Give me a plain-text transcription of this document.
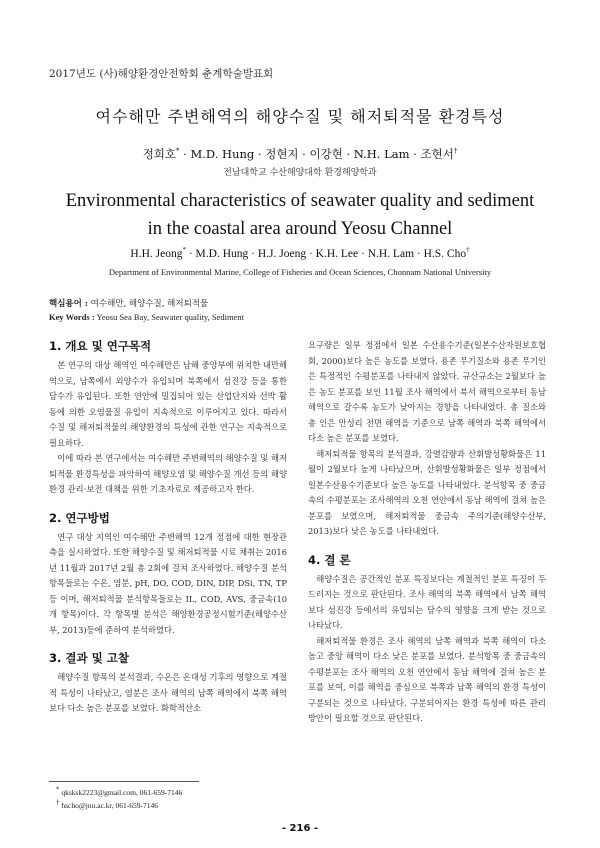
2017년도 (사)해양환경안전학회 춘계학술발표회
여수해만 주변해역의 해양수질 및 해저퇴적물 환경특성
정희호* · M.D. Hung · 정현지 · 이강현 · N.H. Lam · 조현서†
전남대학교 수산해양대학 환경해양학과
Environmental characteristics of seawater quality and sediment
in the coastal area around Yeosu Channel
H.H. Jeong* · M.D. Hung · H.J. Joeng · K.H. Lee · N.H. Lam · H.S. Cho†
Department of Environmental Marine, College of Fisheries and Ocean Sciences, Chonnam National University
핵심용어 : 여수해만, 해양수질, 해저퇴적물
Key Words : Yeosu Sea Bay, Seawater quality, Sediment
1. 개요 및 연구목적

본 연구의 대상 해역인 여수해만은 남해 중앙부에 위치한 내만해역으로, 남쪽에서 외양수가 유입되며 북쪽에서 섬진강 등을 통한 담수가 유입된다. 또한 연안에 밀집되어 있는 산업단지와 선박 활동에 의한 오염물질 유입이 지속적으로 이루어지고 있다. 따라서 수질 및 해저퇴적물의 해양환경의 특성에 관한 연구는 지속적으로 필요하다.

이에 따라 본 연구에서는 여수해만 주변해역의 해양수질 및 해저퇴적물 환경특성을 파악하여 해양오염 및 해양수질 개선 등의 해양환경 관리·보전 대책을 위한 기초자료로 제공하고자 한다.

2. 연구방법

연구 대상 지역인 여수해만 주변해역 12개 정점에 대한 현장관측을 실시하였다. 또한 해양수질 및 해저퇴적물 시료 채취는 2016년 11월과 2017년 2월 총 2회에 걸쳐 조사하였다. 해양수질 분석항목들로는 수온, 염분, pH, DO, COD, DIN, DIP, DSi, TN, TP 등 이며, 해저퇴적물 분석항목들로는 IL, COD, AVS, 중금속(10개 항목)이다. 각 항목별 분석은 해양환경공정시험기준(해양수산부, 2013)등에 준하여 분석하였다.

3. 결과 및 고찰

해양수질 항목의 분석결과, 수온은 온대성 기후의 영향으로 계절적 특성이 나타났고, 염분은 조사 해역의 남쪽 해역에서 북쪽 해역보다 다소 높은 분포를 보였다. 화학적산소

요구량은 일부 정점에서 일본 수산용수기준(일본수산자원보호협회, 2000)보다 높은 농도를 보였다. 용존 무기질소와 용존 무기인은 특정적인 수평분포를 나타내지 않았다. 규산규소는 2월보다 높은 농도 분포를 보인 11월 조사 해역에서 북서 해역으로부터 동남 해역으로 갈수록 농도가 낮아지는 경향을 나타내었다. 총 질소와 총 인은 만성리 전면 해역을 기준으로 남쪽 해역과 북쪽 해역에서 다소 높은 분포를 보였다.

해저퇴적물 항목의 분석결과, 강열감량과 산휘발성황화물은 11월이 2월보다 높게 나타났으며, 산휘발성황화물은 일부 정점에서 일본수산용수기준보다 높은 농도를 나타내었다. 분석항목 중 중금속의 수평분포는 조사해역의 오천 연안에서 동남 해역에 걸쳐 높은 분포를 보였으며, 해저퇴적물 중금속 주의기준(해양수산부, 2013)보다 낮은 농도를 나타내었다.

4. 결 론

해양수질은 공간적인 분포 특징보다는 계절적인 분포 특징이 두드러지는 것으로 판단된다. 조사 해역의 북쪽 해역에서 남쪽 해역보다 섬진강 등에서의 유입되는 담수의 영향을 크게 받는 것으로 나타났다.

해저퇴적물 환경은 조사 해역의 남쪽 해역과 북쪽 해역이 다소 높고 중앙 해역이 다소 낮은 분포를 보였다. 분석항목 중 중금속의 수평분포는 조사 해역의 오천 연안에서 동남 해역에 걸쳐 높은 분포를 보여, 이를 해역을 중심으로 북쪽과 남쪽 해역의 환경 특성이 구분되는 것으로 나타났다. 구분되어지는 환경 특성에 따른 관리 방안이 필요할 것으로 판단된다.

* qksksk2223@gmail.com, 061-659-7146
† hscho@jnu.ac.kr, 061-659-7146
- 216 -
